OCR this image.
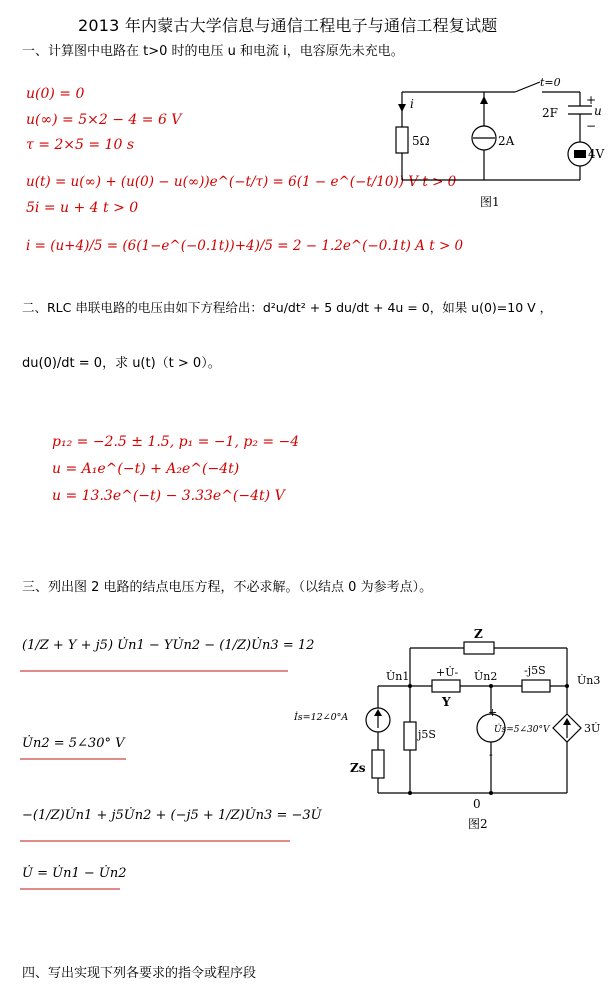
2013 年内蒙古大学信息与通信工程电子与通信工程复试题
一、计算图中电路在 t>0 时的电压 u 和电流 i，电容原先未充电。
u(0) = 0
u(∞) = 5×2 − 4 = 6 V
τ = 2×5 = 10 s
u(t) = u(∞) + (u(0) − u(∞))e^(−t/τ) = 6(1 − e^(−t/10)) V t > 0
5i = u + 4 t > 0
i = (u+4)/5 = (6(1−e^(−0.1t))+4)/5 = 2 − 1.2e^(−0.1t) A t > 0
i
5Ω	2A
t=0
2F	u
+
−
4V
图1
二、RLC 串联电路的电压由如下方程给出：d²u/dt² + 5 du/dt + 4u = 0，如果 u(0)=10 V ，
du(0)/dt = 0，求 u(t)（t > 0）。
p₁₂ = −2.5 ± 1.5, p₁ = −1, p₂ = −4
u = A₁e^(−t) + A₂e^(−4t)
u = 13.3e^(−t) − 3.33e^(−4t) V
三、列出图 2 电路的结点电压方程，不必求解。（以结点 0 为参考点）。
(1/Z + Y + j5) U̇n1 − YU̇n2 − (1/Z)U̇n3 = 12
U̇n2 = 5∠30° V
−(1/Z)U̇n1 + j5U̇n2 + (−j5 + 1/Z)U̇n3 = −3U̇
U̇ = U̇n1 − U̇n2
Z
U̇n1	U̇n2	U̇n3
+U̇-
Y
-j5S
j5S
İs=12∠0°A
U̇s=5∠30°V
+
-
3U̇
Zs
0
图2
四、写出实现下列各要求的指令或程序段
